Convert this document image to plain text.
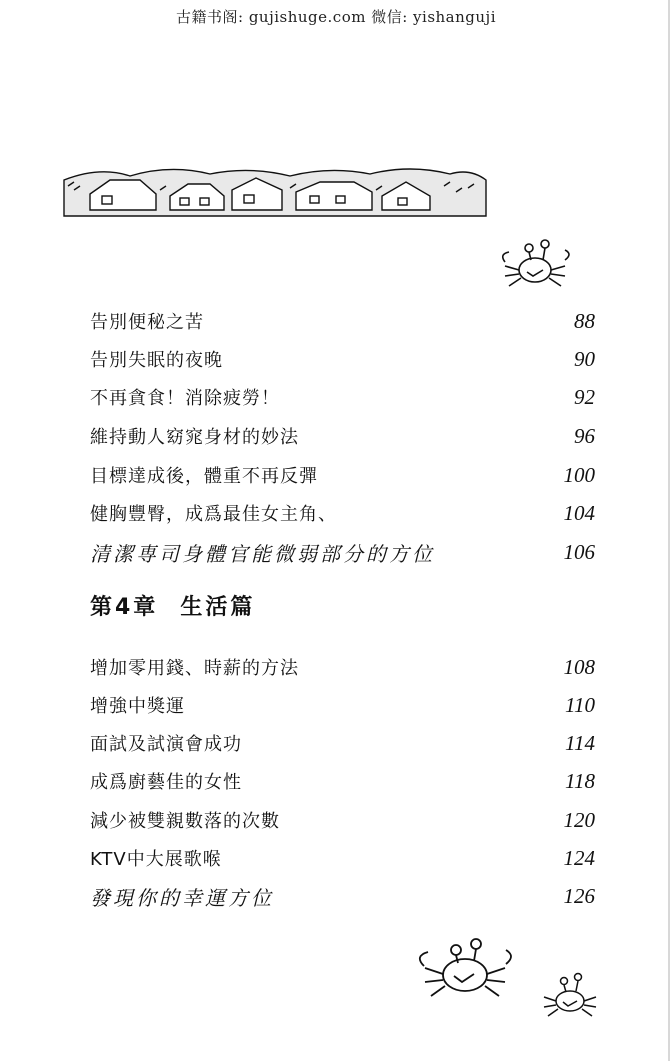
古籍书阁: gujishuge.com 微信: yishanguji
告別便秘之苦	88
告別失眠的夜晚	90
不再貪食！消除疲勞！	92
維持動人窈窕身材的妙法	96
目標達成後，體重不再反彈	100
健胸豐臀，成爲最佳女主角、	104
清潔専司身體官能微弱部分的方位	106
第4章 生活篇
增加零用錢、時薪的方法	108
增強中獎運	110
面試及試演會成功	114
成爲廚藝佳的女性	118
減少被雙親數落的次數	120
KTV中大展歌喉	124
發現你的幸運方位	126
